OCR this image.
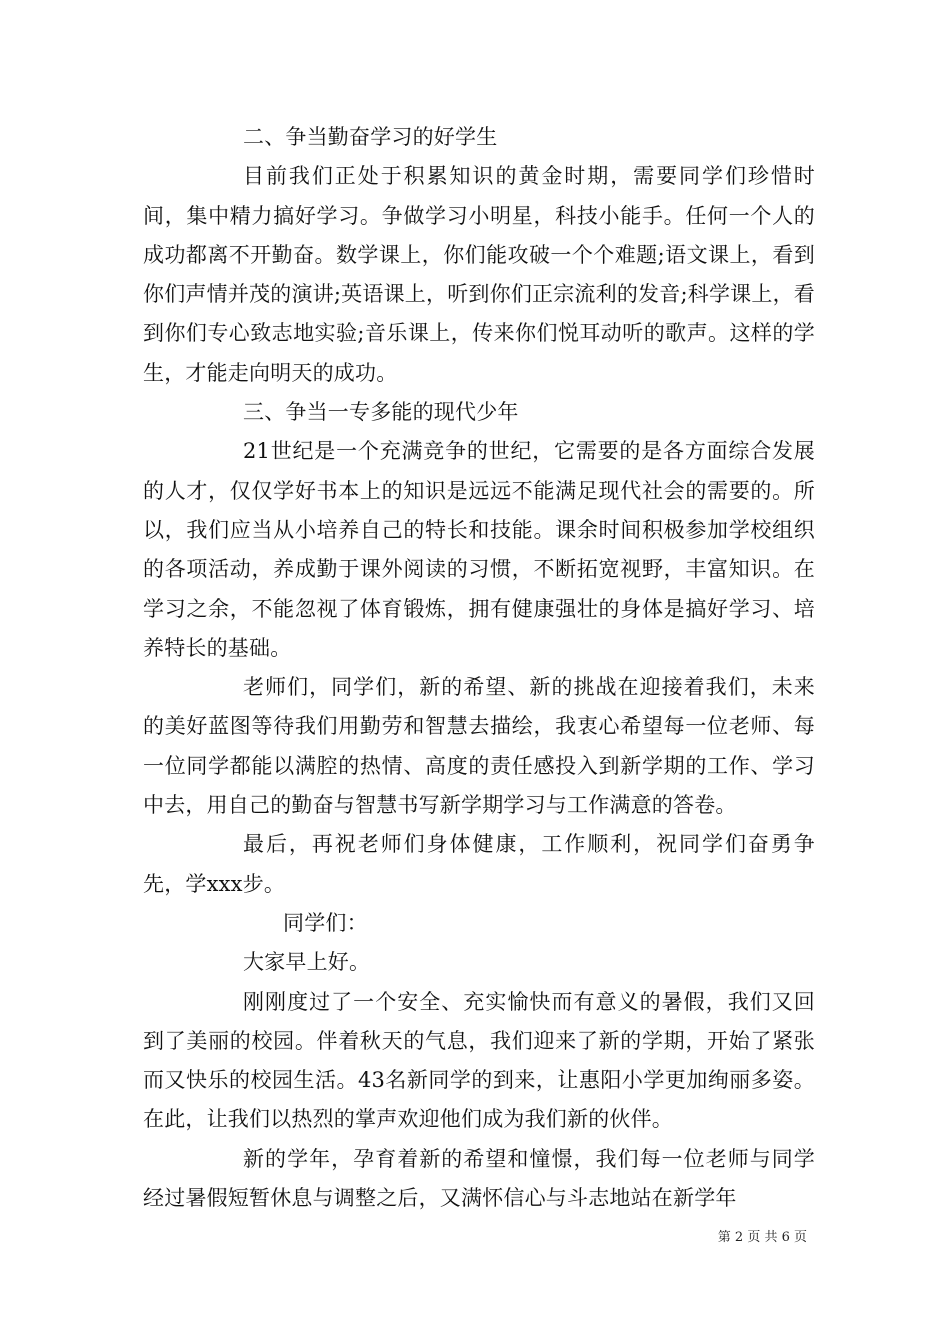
二、争当勤奋学习的好学生

目前我们正处于积累知识的黄金时期，需要同学们珍惜时间，集中精力搞好学习。争做学习小明星，科技小能手。任何一个人的成功都离不开勤奋。数学课上，你们能攻破一个个难题;语文课上，看到你们声情并茂的演讲;英语课上，听到你们正宗流利的发音;科学课上，看到你们专心致志地实验;音乐课上，传来你们悦耳动听的歌声。这样的学生，才能走向明天的成功。

三、争当一专多能的现代少年

21世纪是一个充满竞争的世纪，它需要的是各方面综合发展的人才，仅仅学好书本上的知识是远远不能满足现代社会的需要的。所以，我们应当从小培养自己的特长和技能。课余时间积极参加学校组织的各项活动，养成勤于课外阅读的习惯，不断拓宽视野，丰富知识。在学习之余，不能忽视了体育锻炼，拥有健康强壮的身体是搞好学习、培养特长的基础。

老师们，同学们，新的希望、新的挑战在迎接着我们，未来的美好蓝图等待我们用勤劳和智慧去描绘，我衷心希望每一位老师、每一位同学都能以满腔的热情、高度的责任感投入到新学期的工作、学习中去，用自己的勤奋与智慧书写新学期学习与工作满意的答卷。

最后，再祝老师们身体健康，工作顺利，祝同学们奋勇争先，学xxx步。

同学们：

大家早上好。

刚刚度过了一个安全、充实愉快而有意义的暑假，我们又回到了美丽的校园。伴着秋天的气息，我们迎来了新的学期，开始了紧张而又快乐的校园生活。43名新同学的到来，让惠阳小学更加绚丽多姿。在此，让我们以热烈的掌声欢迎他们成为我们新的伙伴。

新的学年，孕育着新的希望和憧憬，我们每一位老师与同学经过暑假短暂休息与调整之后，又满怀信心与斗志地站在新学年

第 2 页 共 6 页
